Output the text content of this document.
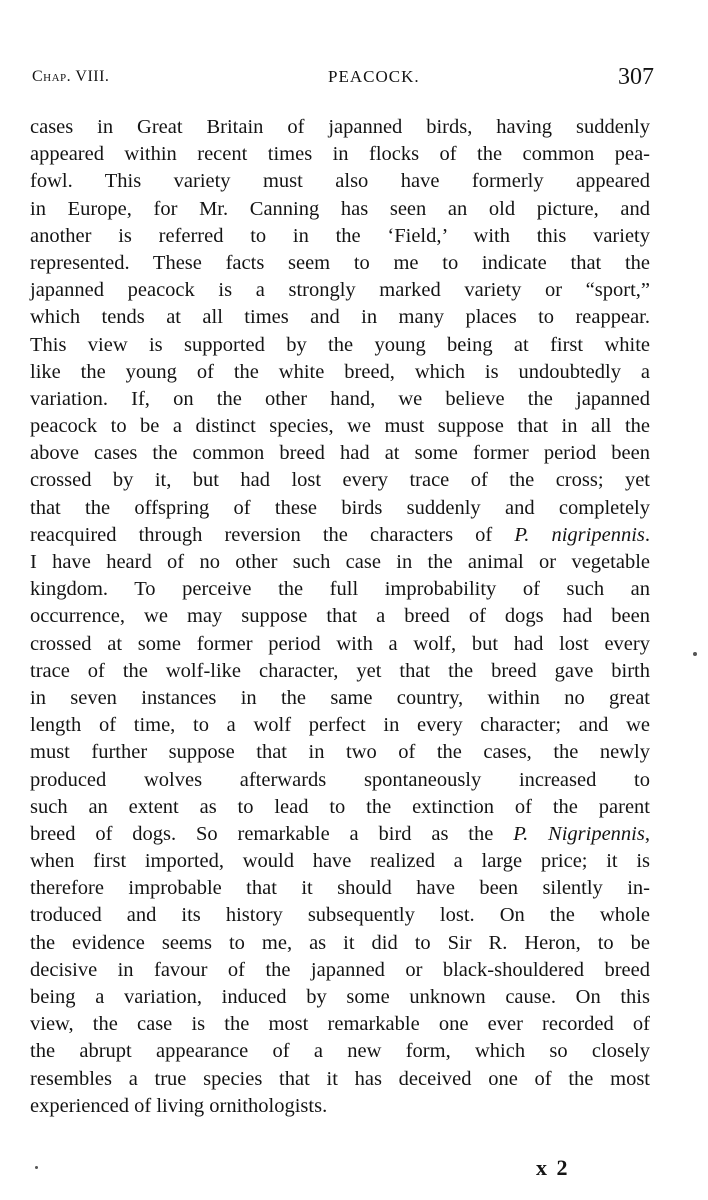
Chap. VIII.	PEACOCK.	307
cases in Great Britain of japanned birds, having suddenly
appeared within recent times in flocks of the common pea-
fowl. This variety must also have formerly appeared
in Europe, for Mr. Canning has seen an old picture, and
another is referred to in the ‘Field,’ with this variety
represented. These facts seem to me to indicate that the
japanned peacock is a strongly marked variety or “sport,”
which tends at all times and in many places to reappear.
This view is supported by the young being at first white
like the young of the white breed, which is undoubtedly a
variation. If, on the other hand, we believe the japanned
peacock to be a distinct species, we must suppose that in all the
above cases the common breed had at some former period been
crossed by it, but had lost every trace of the cross; yet
that the offspring of these birds suddenly and completely
reacquired through reversion the characters of P. nigripennis.
I have heard of no other such case in the animal or vegetable
kingdom. To perceive the full improbability of such an
occurrence, we may suppose that a breed of dogs had been
crossed at some former period with a wolf, but had lost every
trace of the wolf-like character, yet that the breed gave birth
in seven instances in the same country, within no great
length of time, to a wolf perfect in every character; and we
must further suppose that in two of the cases, the newly
produced wolves afterwards spontaneously increased to
such an extent as to lead to the extinction of the parent
breed of dogs. So remarkable a bird as the P. Nigripennis,
when first imported, would have realized a large price; it is
therefore improbable that it should have been silently in-
troduced and its history subsequently lost. On the whole
the evidence seems to me, as it did to Sir R. Heron, to be
decisive in favour of the japanned or black-shouldered breed
being a variation, induced by some unknown cause. On this
view, the case is the most remarkable one ever recorded of
the abrupt appearance of a new form, which so closely
resembles a true species that it has deceived one of the most
experienced of living ornithologists.
x 2
